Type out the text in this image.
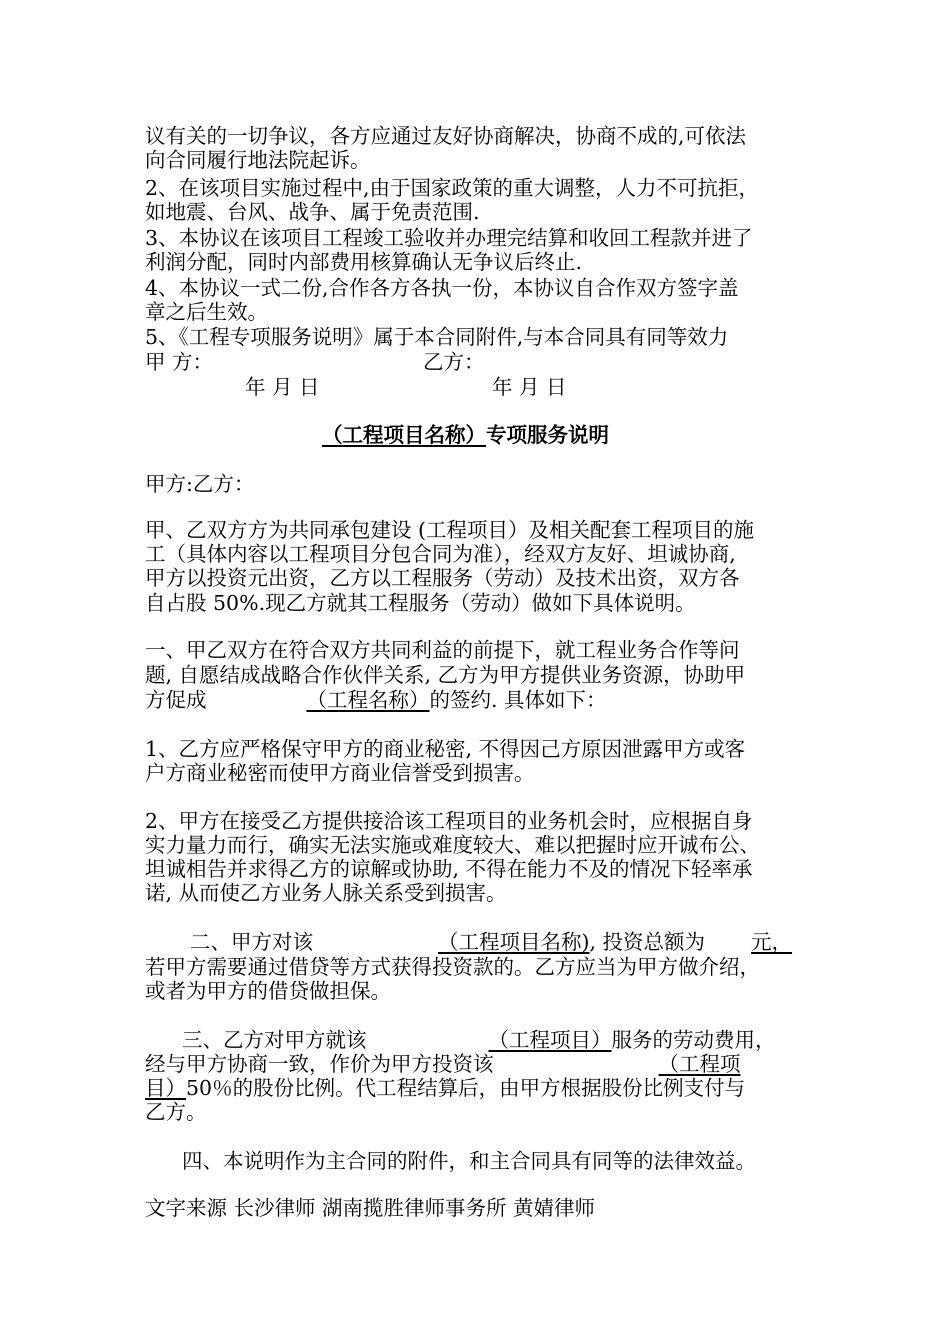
议有关的一切争议，各方应通过友好协商解决，协商不成的,可依法
向合同履行地法院起诉。
2、在该项目实施过程中,由于国家政策的重大调整，人力不可抗拒，
如地震、台风、战争、属于免责范围.
3、本协议在该项目工程竣工验收并办理完结算和收回工程款并进了
利润分配，同时内部费用核算确认无争议后终止.
4、本协议一式二份,合作各方各执一份，本协议自合作双方签字盖
章之后生效。
5、《工程专项服务说明》属于本合同附件,与本合同具有同等效力
甲 方：	乙方：
年 月 日	年 月 日
（工程项目名称）专项服务说明
甲方:乙方：
甲、乙双方方为共同承包建设 (工程项目）及相关配套工程项目的施
工（具体内容以工程项目分包合同为准），经双方友好、坦诚协商,
甲方以投资元出资，乙方以工程服务（劳动）及技术出资，双方各
自占股 50%.现乙方就其工程服务（劳动）做如下具体说明。
一、甲乙双方在符合双方共同利益的前提下，就工程业务合作等问
题, 自愿结成战略合作伙伴关系, 乙方为甲方提供业务资源，协助甲
方促成	（工程名称）的签约. 具体如下：
1、乙方应严格保守甲方的商业秘密, 不得因己方原因泄露甲方或客
户方商业秘密而使甲方商业信誉受到损害。
2、甲方在接受乙方提供接洽该工程项目的业务机会时，应根据自身
实力量力而行，确实无法实施或难度较大、难以把握时应开诚布公、
坦诚相告并求得乙方的谅解或协助, 不得在能力不及的情况下轻率承
诺, 从而使乙方业务人脉关系受到损害。
二、甲方对该	（工程项目名称), 投资总额为 元，
若甲方需要通过借贷等方式获得投资款的。乙方应当为甲方做介绍，
或者为甲方的借贷做担保。
三、乙方对甲方就该	（工程项目）服务的劳动费用，
经与甲方协商一致，作价为甲方投资该	（工程项
目）50％的股份比例。代工程结算后，由甲方根据股份比例支付与
乙方。
四、本说明作为主合同的附件，和主合同具有同等的法律效益。
文字来源 长沙律师 湖南揽胜律师事务所 黄婧律师
